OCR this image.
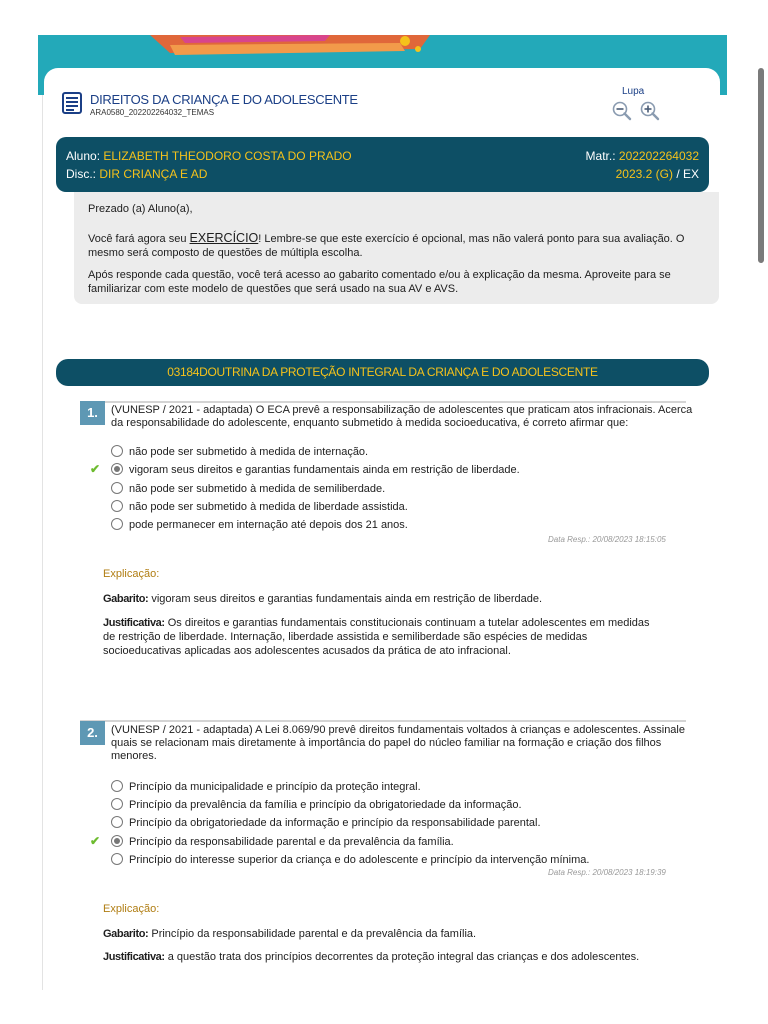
DIREITOS DA CRIANÇA E DO ADOLESCENTE
ARA0580_202202264032_TEMAS
Lupa
Aluno: ELIZABETH THEODORO COSTA DO PRADO	Matr.: 202202264032
Disc.: DIR CRIANÇA E AD	2023.2 (G) / EX

Prezado (a) Aluno(a),

Você fará agora seu EXERCÍCIO! Lembre-se que este exercício é opcional, mas não valerá ponto para sua avaliação. O mesmo será composto de questões de múltipla escolha.

Após responde cada questão, você terá acesso ao gabarito comentado e/ou à explicação da mesma. Aproveite para se familiarizar com este modelo de questões que será usado na sua AV e AVS.

03184DOUTRINA DA PROTEÇÃO INTEGRAL DA CRIANÇA E DO ADOLESCENTE
1.	(VUNESP / 2021 - adaptada) O ECA prevê a responsabilização de adolescentes que praticam atos infracionais. Acerca da responsabilidade do adolescente, enquanto submetido à medida socioeducativa, é correto afirmar que:
não pode ser submetido à medida de internação.
✔	vigoram seus direitos e garantias fundamentais ainda em restrição de liberdade.
não pode ser submetido à medida de semiliberdade.
não pode ser submetido à medida de liberdade assistida.
pode permanecer em internação até depois dos 21 anos.
Data Resp.: 20/08/2023 18:15:05
Explicação:
Gabarito: vigoram seus direitos e garantias fundamentais ainda em restrição de liberdade.
Justificativa: Os direitos e garantias fundamentais constitucionais continuam a tutelar adolescentes em medidas de restrição de liberdade. Internação, liberdade assistida e semiliberdade são espécies de medidas socioeducativas aplicadas aos adolescentes acusados da prática de ato infracional.
2.	(VUNESP / 2021 - adaptada) A Lei 8.069/90 prevê direitos fundamentais voltados à crianças e adolescentes. Assinale quais se relacionam mais diretamente à importância do papel do núcleo familiar na formação e criação dos filhos menores.
Princípio da municipalidade e princípio da proteção integral.
Princípio da prevalência da família e princípio da obrigatoriedade da informação.
Princípio da obrigatoriedade da informação e princípio da responsabilidade parental.
✔	Princípio da responsabilidade parental e da prevalência da família.
Princípio do interesse superior da criança e do adolescente e princípio da intervenção mínima.
Data Resp.: 20/08/2023 18:19:39
Explicação:
Gabarito: Princípio da responsabilidade parental e da prevalência da família.
Justificativa: a questão trata dos princípios decorrentes da proteção integral das crianças e dos adolescentes.
